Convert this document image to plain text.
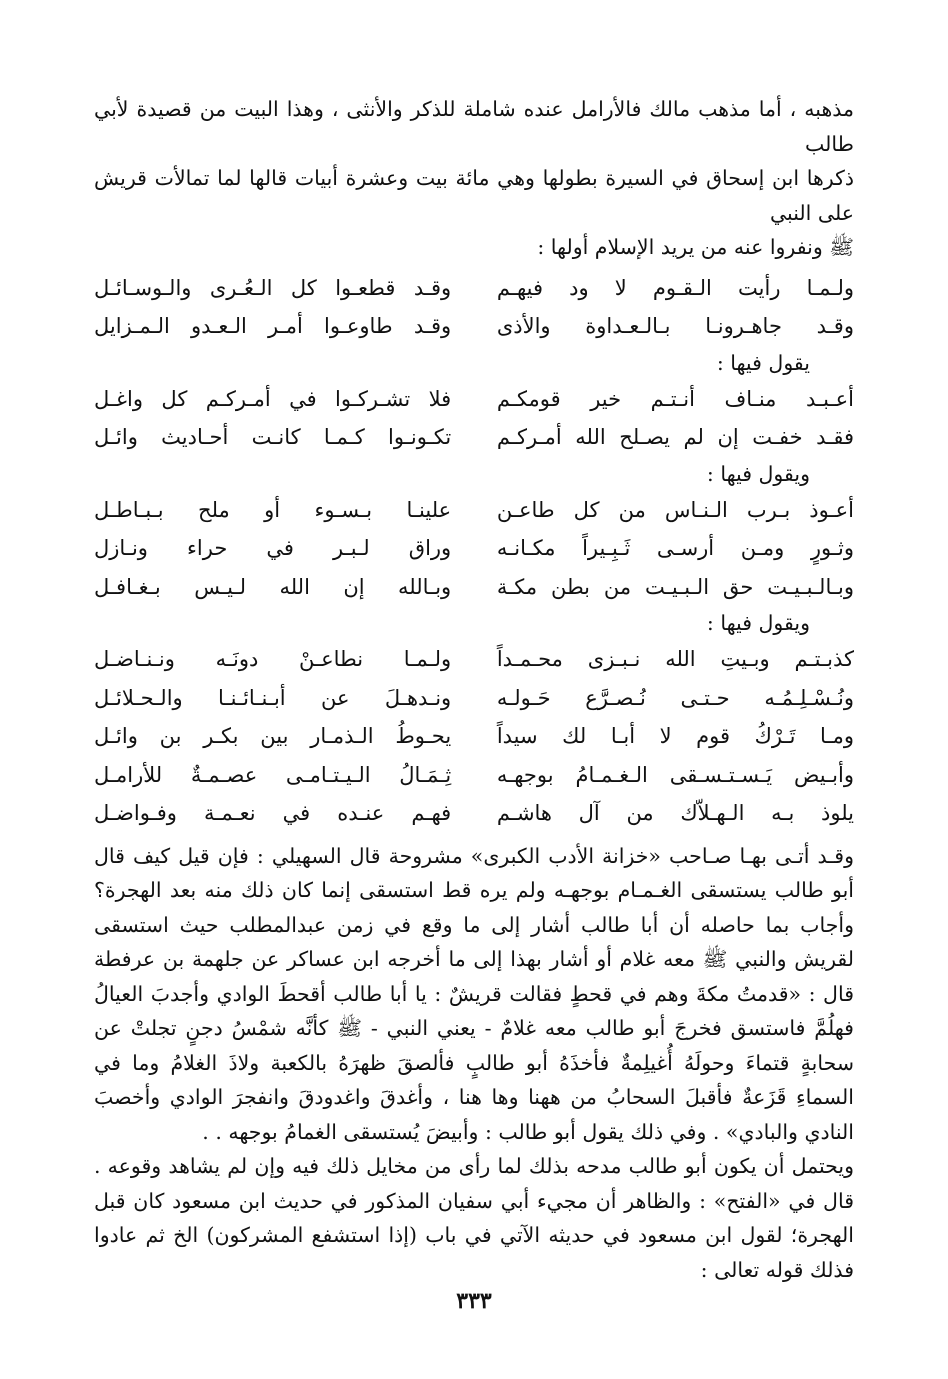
مذهبه ، أما مذهب مالك فالأرامل عنده شاملة للذكر والأنثى ، وهذا البيت من قصيدة لأبي طالب

ذكرها ابن إسحاق في السيرة بطولها وهي مائة بيت وعشرة أبيات قالها لما تمالأت قريش على النبي

ﷺ ونفروا عنه من يريد الإسلام أولها :

ولـمـا رأيت الـقـوم لا ود فيهـم
وقـد قطعـوا كل الـعُـرى والـوسـائـل
وقـد جاهـرونـا بـالـعـداوة والأذى
وقـد طاوعـوا أمـر الـعـدو الـمـزايل
يقول فيها :
أعـبـد منـاف أنـتـم خير قومكـم
فلا تشـركـوا في أمـركـم كل واغـل
فقـد خفـت إن لم يصـلح الله أمـركـم
تكـونـوا كـمـا كانـت أحـاديث وائـل
ويقول فيها :
أعـوذ بـرب الـنـاس من كل طاعـن
علينـا بـسـوء أو ملح بـبـاطـل
وثـورٍ ومـن أرسـى ثَـبِـيراً مكـانـه
وراق لـبـر في حراء ونـازل
وبـالـبـيـت حق الـبـيـت من بطن مكـة
وبـالله إن الله لـيـس بـغـافـل
ويقول فيها :
كذبـتـم وبـيتِ الله نـبـزى محـمـداً
ولـمـا نطاعـنْ دونَـه ونـنـاضـل
ونُـسْـلِـمُـه حـتـى نُـصـرَّع حَـولـه
ونـدهـلَ عن أبـنـائـنـا والـحـلائـل
ومـا تَـرْكُ قوم لا أبـا لك سيداً
يحـوطُ الـذمـار بين بكـر بن وائـل
وأبـيض يَـسـتـسـقى الـغـمـامُ بوجهـه
ثِـمَـالُ الـيـتـامـى عصـمـةٌ للأرامـل
يلوذ بـه الـهـلاّك من آل هاشـم
فهـم عنـده في نعـمـة وفـواضـل

وقـد أتـى بهـا صـاحب «خزانة الأدب الكبرى» مشروحة قال السهيلي : فإن قيل كيف قال أبو طالب يستسقى الغـمـام بوجهـه ولم يره قط استسقى إنما كان ذلك منه بعد الهجرة؟ وأجاب بما حاصله أن أبا طالب أشار إلى ما وقع في زمن عبدالمطلب حيث استسقى لقريش والنبي ﷺ معه غلام أو أشار بهذا إلى ما أخرجه ابن عساكر عن جلهمة بن عرفطة قال : «قدمتُ مكةَ وهم في قحطٍ فقالت قريشٌ : يا أبا طالب أقحطَ الوادي وأجدبَ العيالُ فهلُمَّ فاستسق فخرجَ أبو طالب معه غلامٌ - يعني النبي - ﷺ كأنَّه شمْسُ دجنٍ تجلتْ عن سحابةٍ قتماءَ وحولَهُ أُغيلِمةٌ فأخذَهُ أبو طالبٍ فألصقَ ظهرَهُ بالكعبة ولاذَ الغلامُ وما في السماءِ قَزَعةٌ فأقبلَ السحابُ من ههنا وها هنا ، وأغدقَ واغدودقَ وانفجرَ الوادي وأخصبَ النادي والبادي» . وفي ذلك يقول أبو طالب : وأبيضَ يُستسقى الغمامُ بوجهه . .

ويحتمل أن يكون أبو طالب مدحه بذلك لما رأى من مخايل ذلك فيه وإن لم يشاهد وقوعه . قال في «الفتح» : والظاهر أن مجيء أبي سفيان المذكور في حديث ابن مسعود كان قبل الهجرة؛ لقول ابن مسعود في حديثه الآتي في باب (إذا استشفع المشركون) الخ ثم عادوا فذلك قوله تعالى :

٣٣٣
